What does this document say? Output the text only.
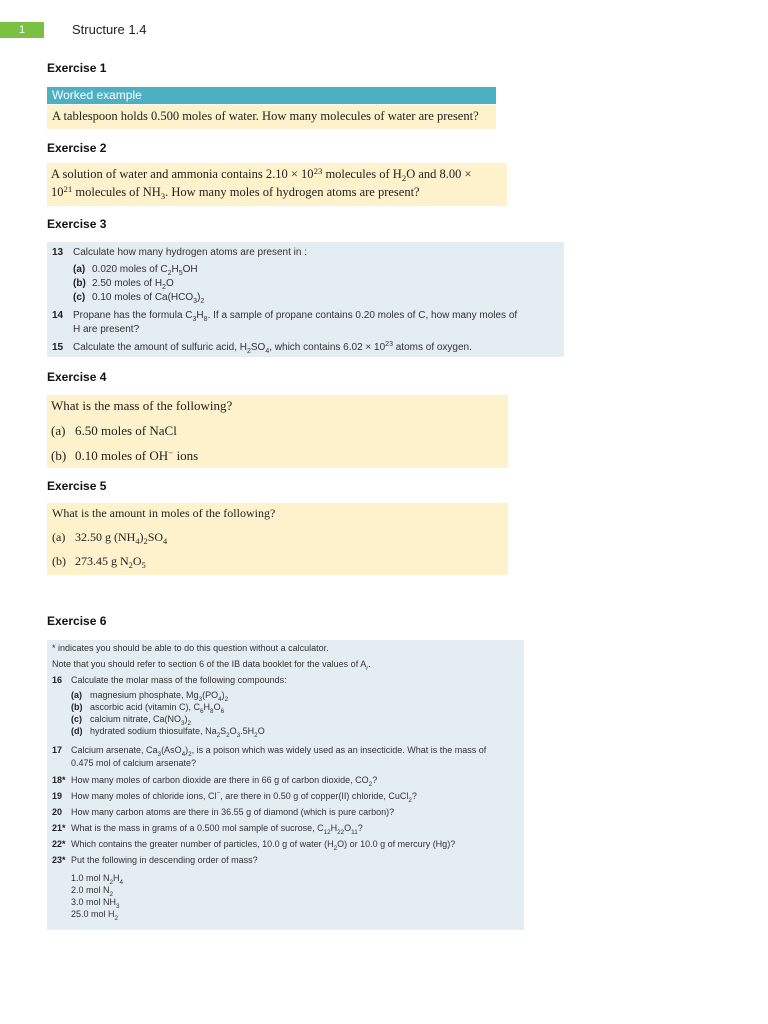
1	Structure 1.4
Exercise 1
Worked example
A tablespoon holds 0.500 moles of water. How many molecules of water are present?
Exercise 2
A solution of water and ammonia contains $2.10 \times 10^{23}$ molecules of $H_2O$ and 8.00 ×
$10^{21}$ molecules of $NH_3$. How many moles of hydrogen atoms are present?
Exercise 3
13 Calculate how many hydrogen atoms are present in :
(a) 0.020 moles of $C_2H_5OH$
(b) 2.50 moles of $H_2O$
(c) 0.10 moles of $Ca(HCO_3)_2$
14 Propane has the formula $C_3H_8$. If a sample of propane contains 0.20 moles of C, how many moles of
H are present?
15 Calculate the amount of sulfuric acid, $H_2SO_4$, which contains $6.02 \times 10^{23}$ atoms of oxygen.
Exercise 4
What is the mass of the following?
(a) 6.50 moles of NaCl
(b) 0.10 moles of OH− ions
Exercise 5
What is the amount in moles of the following?
(a) 32.50 g $(NH_4)_2SO_4$
(b) 273.45 g $N_2O_5$
Exercise 6
* indicates you should be able to do this question without a calculator.
Note that you should refer to section 6 of the IB data booklet for the values of $A_r$.
16 Calculate the molar mass of the following compounds:
(a) magnesium phosphate, $Mg_3(PO_4)_2$
(b) ascorbic acid (vitamin C), $C_6H_8O_6$
(c) calcium nitrate, $Ca(NO_3)_2$
(d) hydrated sodium thiosulfate, $Na_2S_2O_3.5H_2O$
17 Calcium arsenate, $Ca_3(AsO_4)_2$, is a poison which was widely used as an insecticide. What is the mass of
0.475 mol of calcium arsenate?
18* How many moles of carbon dioxide are there in 66 g of carbon dioxide, $CO_2$?
19 How many moles of chloride ions, Cl−, are there in 0.50 g of copper(II) chloride, CuCl$_2$?
20 How many carbon atoms are there in 36.55 g of diamond (which is pure carbon)?
21* What is the mass in grams of a 0.500 mol sample of sucrose, $C_{12}H_{22}O_{11}$?
22* Which contains the greater number of particles, 10.0 g of water $(H_2O)$ or 10.0 g of mercury (Hg)?
23* Put the following in descending order of mass?
1.0 mol $N_2H_4$
2.0 mol $N_2$
3.0 mol $NH_3$
25.0 mol $H_2$
